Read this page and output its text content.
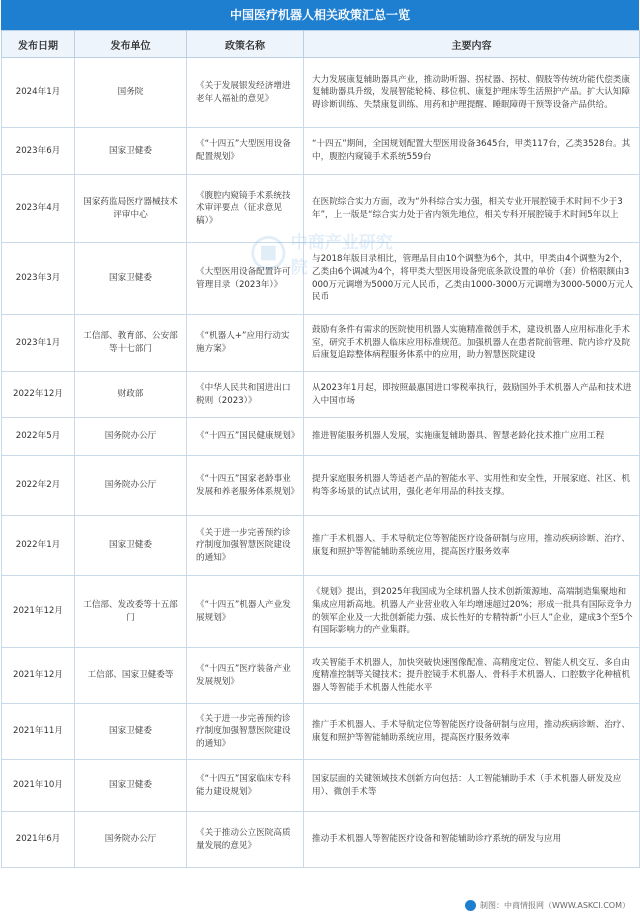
中国医疗机器人相关政策汇总一览
发布日期	发布单位	政策名称	主要内容
2024年1月	国务院	《关于发展银发经济增进老年人福祉的意见》	大力发展康复辅助器具产业，推动助听器、拐杖器、拐杖、假肢等传统功能代偿类康复辅助器具升级，发展智能轮椅、移位机、康复护理床等生活照护产品。扩大认知障碍诊断训练、失禁康复训练、用药和护理提醒、睡眠障碍干预等设备产品供给。
2023年6月	国家卫健委	《“十四五”大型医用设备配置规划》	“十四五”期间，全国规划配置大型医用设备3645台，甲类117台，乙类3528台。其中，腹腔内窥镜手术系统559台
2023年4月	国家药监局医疗器械技术评审中心	《腹腔内窥镜手术系统技术审评要点（征求意见稿）》	在医院综合实力方面，改为“外科综合实力强，相关专业开展腔镜手术时间不少于3年”，上一版是“综合实力处于省内领先地位，相关专科开展腔镜手术时间5年以上
2023年3月	国家卫健委	《大型医用设备配置许可管理目录（2023年）》	与2018年版目录相比，管理品目由10个调整为6个，其中，甲类由4个调整为2个，乙类由6个调减为4个，将甲类大型医用设备兜底条款设置的单价（套）价格限额由3000万元调增为5000万元人民币，乙类由1000-3000万元调增为3000-5000万元人民币
2023年1月	工信部、教育部、公安部等十七部门	《“机器人+”应用行动实施方案》	鼓励有条件有需求的医院使用机器人实施精准微创手术，建设机器人应用标准化手术室，研究手术机器人临床应用标准规范。加强机器人在患者院前管理、院内诊疗及院后康复追踪整体病程服务体系中的应用，助力智慧医院建设
2022年12月	财政部	《中华人民共和国进出口税则（2023）》	从2023年1月起，即按照最惠国进口零税率执行，鼓励国外手术机器人产品和技术进入中国市场
2022年5月	国务院办公厅	《“十四五”国民健康规划》	推进智能服务机器人发展，实施康复辅助器具、智慧老龄化技术推广应用工程
2022年2月	国务院办公厅	《“十四五”国家老龄事业发展和养老服务体系规划》	提升家庭服务机器人等适老产品的智能水平、实用性和安全性，开展家庭、社区、机构等多场景的试点试用，强化老年用品的科技支撑。
2022年1月	国家卫健委	《关于进一步完善预约诊疗制度加强智慧医院建设的通知》	推广手术机器人、手术导航定位等智能医疗设备研制与应用，推动疾病诊断、治疗、康复和照护等智能辅助系统应用，提高医疗服务效率
2021年12月	工信部、发改委等十五部门	《“十四五”机器人产业发展规划》	《规划》提出，到2025年我国成为全球机器人技术创新策源地、高端制造集聚地和集成应用新高地。机器人产业营业收入年均增速超过20%；形成一批具有国际竞争力的领军企业及一大批创新能力强、成长性好的专精特新“小巨人”企业，建成3个至5个有国际影响力的产业集群。
2021年12月	工信部、国家卫健委等	《“十四五”医疗装备产业发展规划》	攻关智能手术机器人，加快突破快速图像配准、高精度定位、智能人机交互、多自由度精准控制等关键技术；提升腔镜手术机器人、骨科手术机器人、口腔数字化种植机器人等智能手术机器人性能水平
2021年11月	国家卫健委	《关于进一步完善预约诊疗制度加强智慧医院建设的通知》	推广手术机器人、手术导航定位等智能医疗设备研制与应用，推动疾病诊断、治疗、康复和照护等智能辅助系统应用，提高医疗服务效率
2021年10月	国家卫健委	《“十四五”国家临床专科能力建设规划》	国家层面的关键领域技术创新方向包括：人工智能辅助手术（手术机器人研发及应用）、微创手术等
2021年6月	国务院办公厅	《关于推动公立医院高质量发展的意见》	推动手术机器人等智能医疗设备和智能辅助诊疗系统的研发与应用
中商产业研究院
制图：中商情报网（WWW.ASKCI.COM）
